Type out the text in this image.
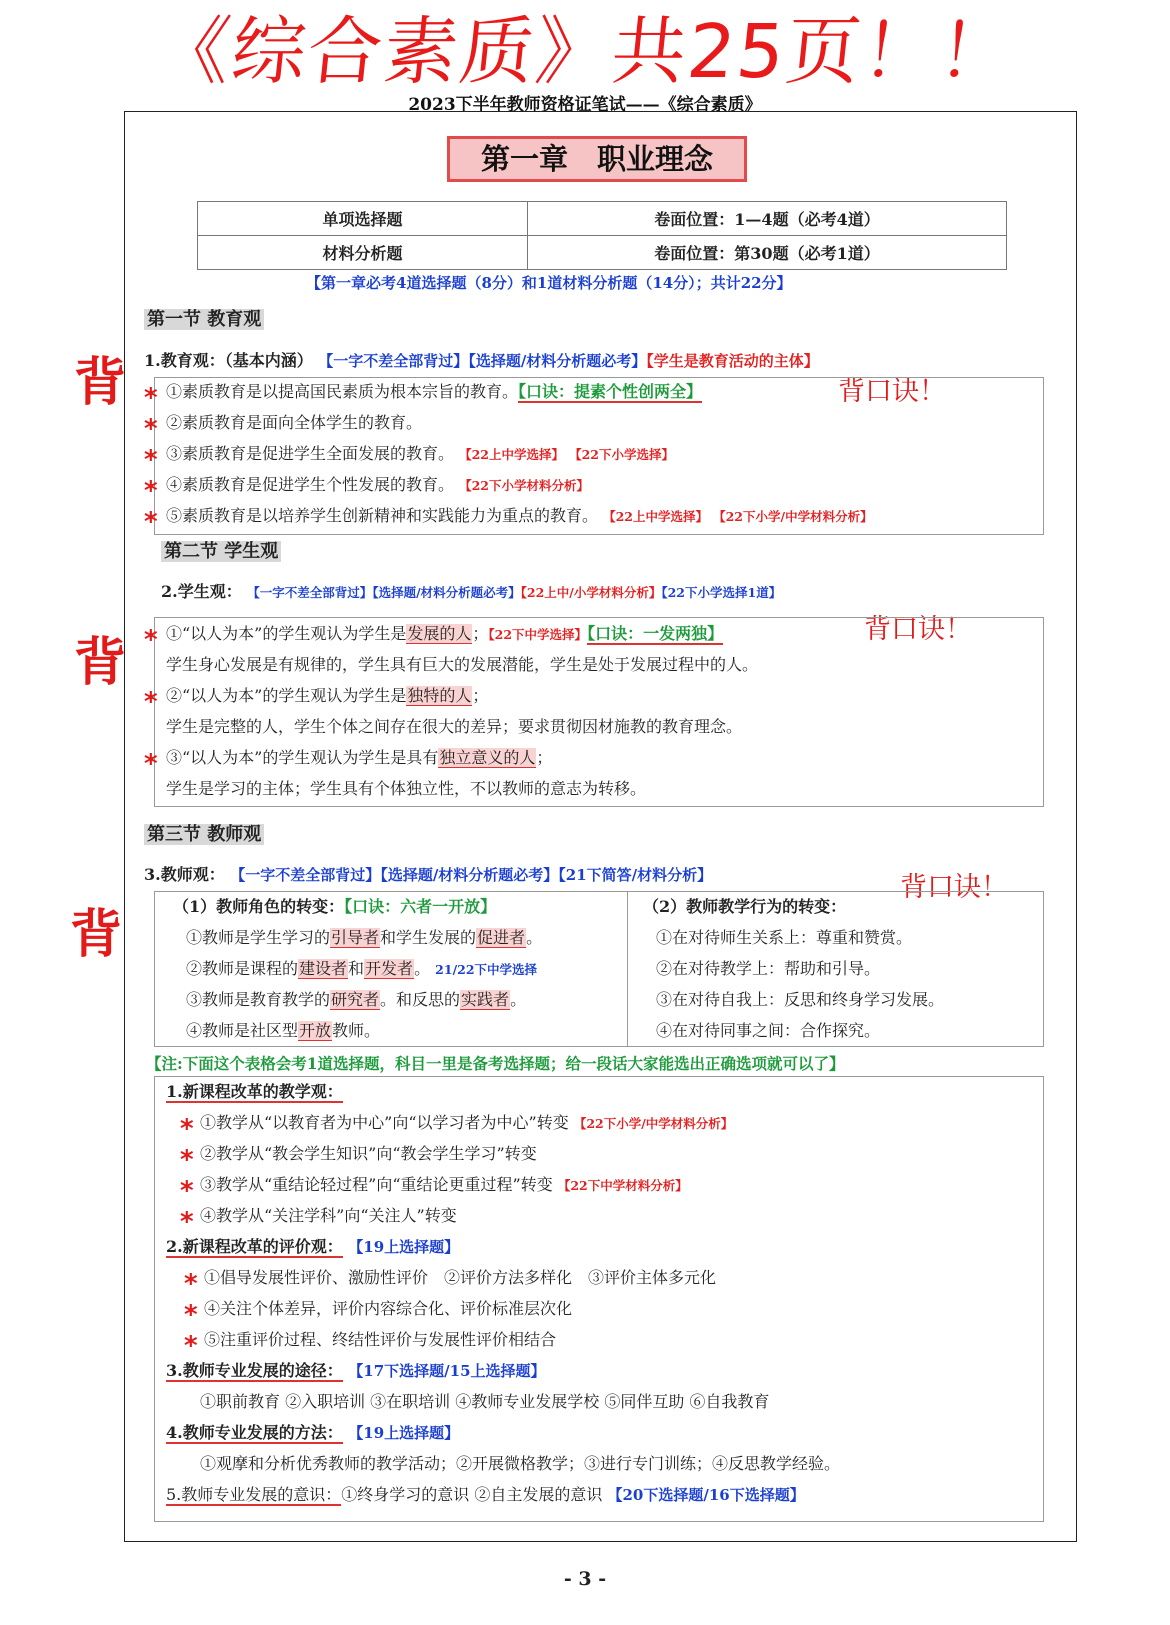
《综合素质》共25页！！
2023下半年教师资格证笔试——《综合素质》
第一章　职业理念
单项选择题	卷面位置：1—4题（必考4道）
材料分析题	卷面位置：第30题（必考1道）
【第一章必考4道选择题（8分）和1道材料分析题（14分）；共计22分】
背
背
背
背口诀！
背口诀！
背口诀！
第一节 教育观
1.教育观：（基本内涵） 【一字不差全部背过】【选择题/材料分析题必考】【学生是教育活动的主体】
*
*
*
*
*
①素质教育是以提高国民素质为根本宗旨的教育。【口诀：提素个性创两全】
②素质教育是面向全体学生的教育。
③素质教育是促进学生全面发展的教育。 【22上中学选择】 【22下小学选择】
④素质教育是促进学生个性发展的教育。 【22下小学材料分析】
⑤素质教育是以培养学生创新精神和实践能力为重点的教育。 【22上中学选择】 【22下小学/中学材料分析】
第二节 学生观
2.学生观： 【一字不差全部背过】【选择题/材料分析题必考】【22上中/小学材料分析】【22下小学选择1道】
*
*
*
①“以人为本”的学生观认为学生是发展的人；【22下中学选择】【口诀：一发两独】
学生身心发展是有规律的，学生具有巨大的发展潜能，学生是处于发展过程中的人。
②“以人为本”的学生观认为学生是独特的人；
学生是完整的人，学生个体之间存在很大的差异；要求贯彻因材施教的教育理念。
③“以人为本”的学生观认为学生是具有独立意义的人；
学生是学习的主体；学生具有个体独立性，不以教师的意志为转移。
第三节 教师观
3.教师观： 【一字不差全部背过】【选择题/材料分析题必考】【21下简答/材料分析】
（1）教师角色的转变：【口诀：六者一开放】
①教师是学生学习的引导者和学生发展的促进者。
②教师是课程的建设者和开发者。 21/22下中学选择
③教师是教育教学的研究者。和反思的实践者。
④教师是社区型开放教师。
（2）教师教学行为的转变：
①在对待师生关系上：尊重和赞赏。
②在对待教学上：帮助和引导。
③在对待自我上：反思和终身学习发展。
④在对待同事之间：合作探究。
【注:下面这个表格会考1道选择题，科目一里是备考选择题；给一段话大家能选出正确选项就可以了】
1.新课程改革的教学观：
*
*
*
*
①教学从“以教育者为中心”向“以学习者为中心”转变 【22下小学/中学材料分析】
②教学从“教会学生知识”向“教会学生学习”转变
③教学从“重结论轻过程”向“重结论更重过程”转变 【22下中学材料分析】
④教学从“关注学科”向“关注人”转变
2.新课程改革的评价观： 【19上选择题】
*
*
*
①倡导发展性评价、激励性评价　②评价方法多样化　③评价主体多元化
④关注个体差异，评价内容综合化、评价标准层次化
⑤注重评价过程、终结性评价与发展性评价相结合
3.教师专业发展的途径： 【17下选择题/15上选择题】
①职前教育 ②入职培训 ③在职培训 ④教师专业发展学校 ⑤同伴互助 ⑥自我教育
4.教师专业发展的方法： 【19上选择题】
①观摩和分析优秀教师的教学活动；②开展微格教学；③进行专门训练；④反思教学经验。
5.教师专业发展的意识：①终身学习的意识 ②自主发展的意识 【20下选择题/16下选择题】
- 3 -
